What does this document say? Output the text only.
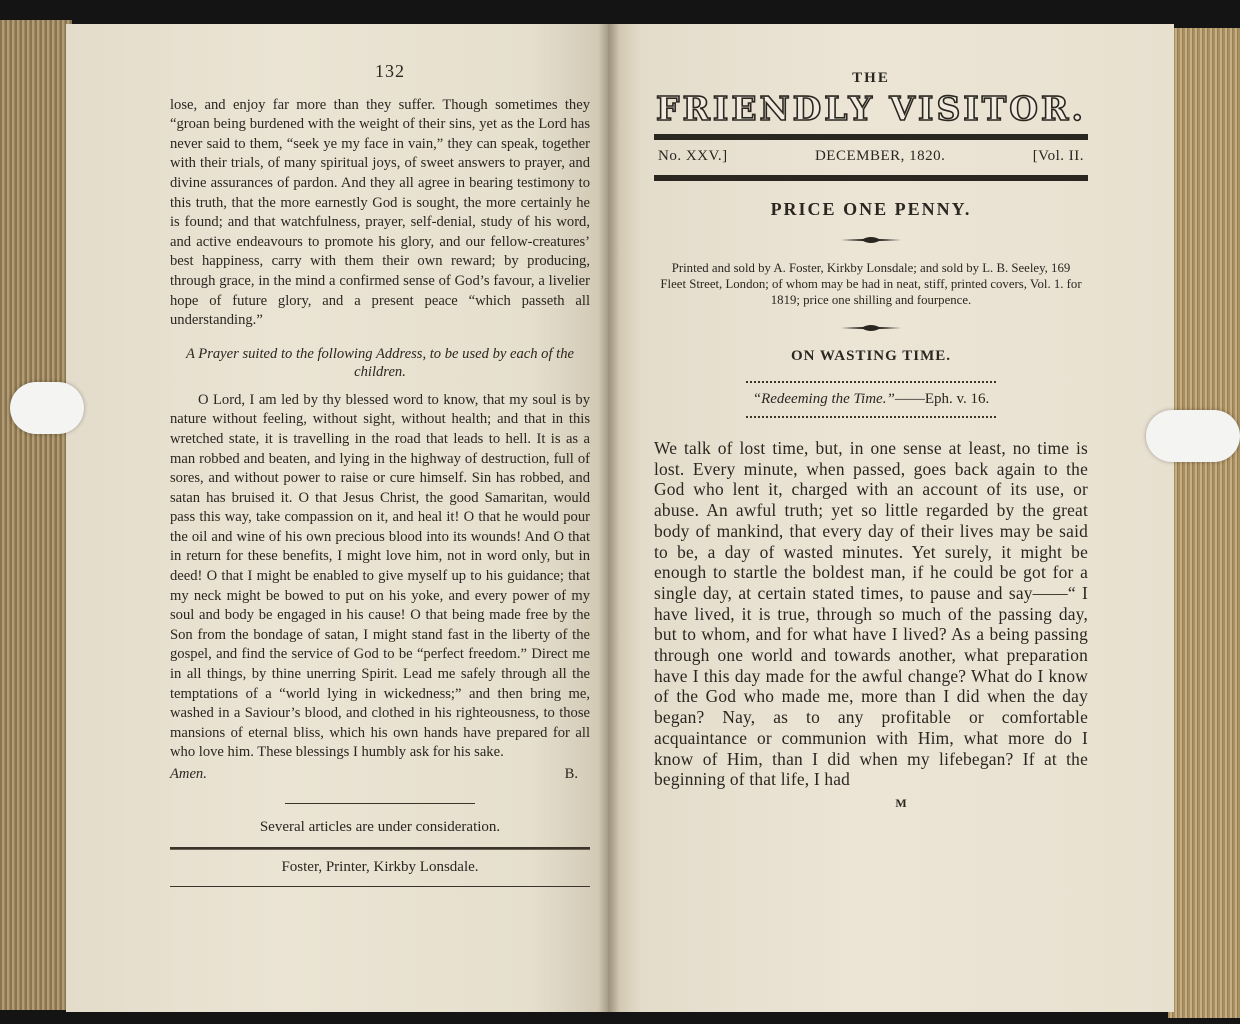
132
lose, and enjoy far more than they suffer. Though sometimes they “groan being burdened with the weight of their sins, yet as the Lord has never said to them, “seek ye my face in vain,” they can speak, together with their trials, of many spiritual joys, of sweet answers to prayer, and divine assurances of pardon. And they all agree in bearing testimony to this truth, that the more earnestly God is sought, the more certainly he is found; and that watchfulness, prayer, self-denial, study of his word, and active endeavours to promote his glory, and our fellow-creatures’ best happiness, carry with them their own reward; by producing, through grace, in the mind a confirmed sense of God’s favour, a livelier hope of future glory, and a present peace “which passeth all understanding.”
A Prayer suited to the following Address, to be used by each of the children.
O Lord, I am led by thy blessed word to know, that my soul is by nature without feeling, without sight, without health; and that in this wretched state, it is travelling in the road that leads to hell. It is as a man robbed and beaten, and lying in the highway of destruction, full of sores, and without power to raise or cure himself. Sin has robbed, and satan has bruised it. O that Jesus Christ, the good Samaritan, would pass this way, take compassion on it, and heal it! O that he would pour the oil and wine of his own precious blood into its wounds! And O that in return for these benefits, I might love him, not in word only, but in deed! O that I might be enabled to give myself up to his guidance; that my neck might be bowed to put on his yoke, and every power of my soul and body be engaged in his cause! O that being made free by the Son from the bondage of satan, I might stand fast in the liberty of the gospel, and find the service of God to be “perfect freedom.” Direct me in all things, by thine unerring Spirit. Lead me safely through all the temptations of a “world lying in wickedness;” and then bring me, washed in a Saviour’s blood, and clothed in his righteousness, to those mansions of eternal bliss, which his own hands have prepared for all who love him. These blessings I humbly ask for his sake.
Amen.	B.
Several articles are under consideration.
Foster, Printer, Kirkby Lonsdale.
THE
FRIENDLY VISITOR.
No. XXV.]	DECEMBER, 1820.	[Vol. II.
PRICE ONE PENNY.
Printed and sold by A. Foster, Kirkby Lonsdale; and sold by L. B. Seeley, 169 Fleet Street, London; of whom may be had in neat, stiff, printed covers, Vol. 1. for 1819; price one shilling and fourpence.
ON WASTING TIME.
“Redeeming the Time.”——Eph. v. 16.
We talk of lost time, but, in one sense at least, no time is lost. Every minute, when passed, goes back again to the God who lent it, charged with an account of its use, or abuse. An awful truth; yet so little regarded by the great body of mankind, that every day of their lives may be said to be, a day of wasted minutes. Yet surely, it might be enough to startle the boldest man, if he could be got for a single day, at certain stated times, to pause and say——“ I have lived, it is true, through so much of the passing day, but to whom, and for what have I lived? As a being passing through one world and towards another, what preparation have I this day made for the awful change? What do I know of the God who made me, more than I did when the day began? Nay, as to any profitable or comfortable acquaintance or communion with Him, what more do I know of Him, than I did when my lifebegan? If at the beginning of that life, I had
M
